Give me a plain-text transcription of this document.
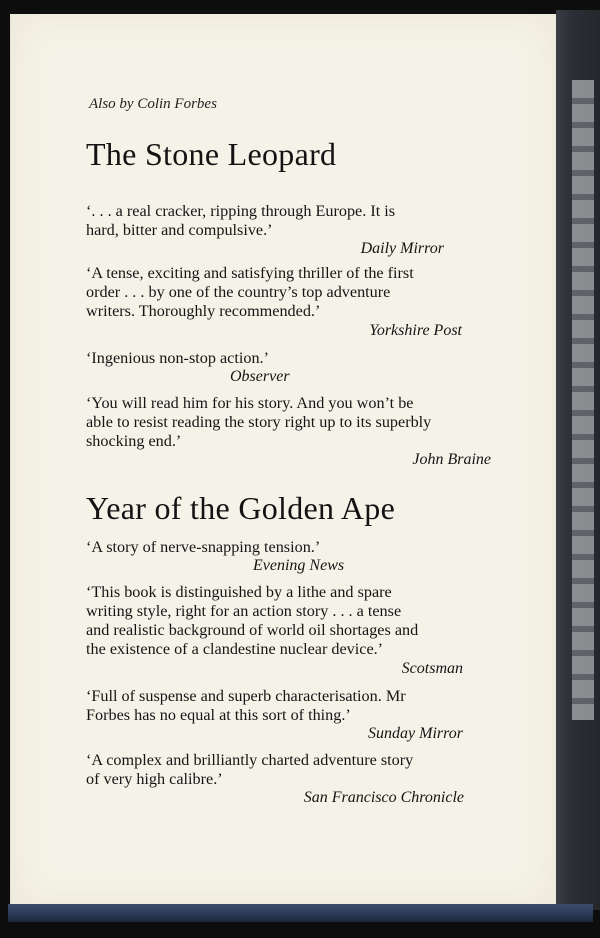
Also by Colin Forbes
The Stone Leopard
‘. . . a real cracker, ripping through Europe. It is
hard, bitter and compulsive.’
Daily Mirror
‘A tense, exciting and satisfying thriller of the first
order . . . by one of the country’s top adventure
writers. Thoroughly recommended.’
Yorkshire Post
‘Ingenious non-stop action.’
Observer
‘You will read him for his story. And you won’t be
able to resist reading the story right up to its superbly
shocking end.’
John Braine
Year of the Golden Ape
‘A story of nerve-snapping tension.’
Evening News
‘This book is distinguished by a lithe and spare
writing style, right for an action story . . . a tense
and realistic background of world oil shortages and
the existence of a clandestine nuclear device.’
Scotsman
‘Full of suspense and superb characterisation. Mr
Forbes has no equal at this sort of thing.’
Sunday Mirror
‘A complex and brilliantly charted adventure story
of very high calibre.’
San Francisco Chronicle
